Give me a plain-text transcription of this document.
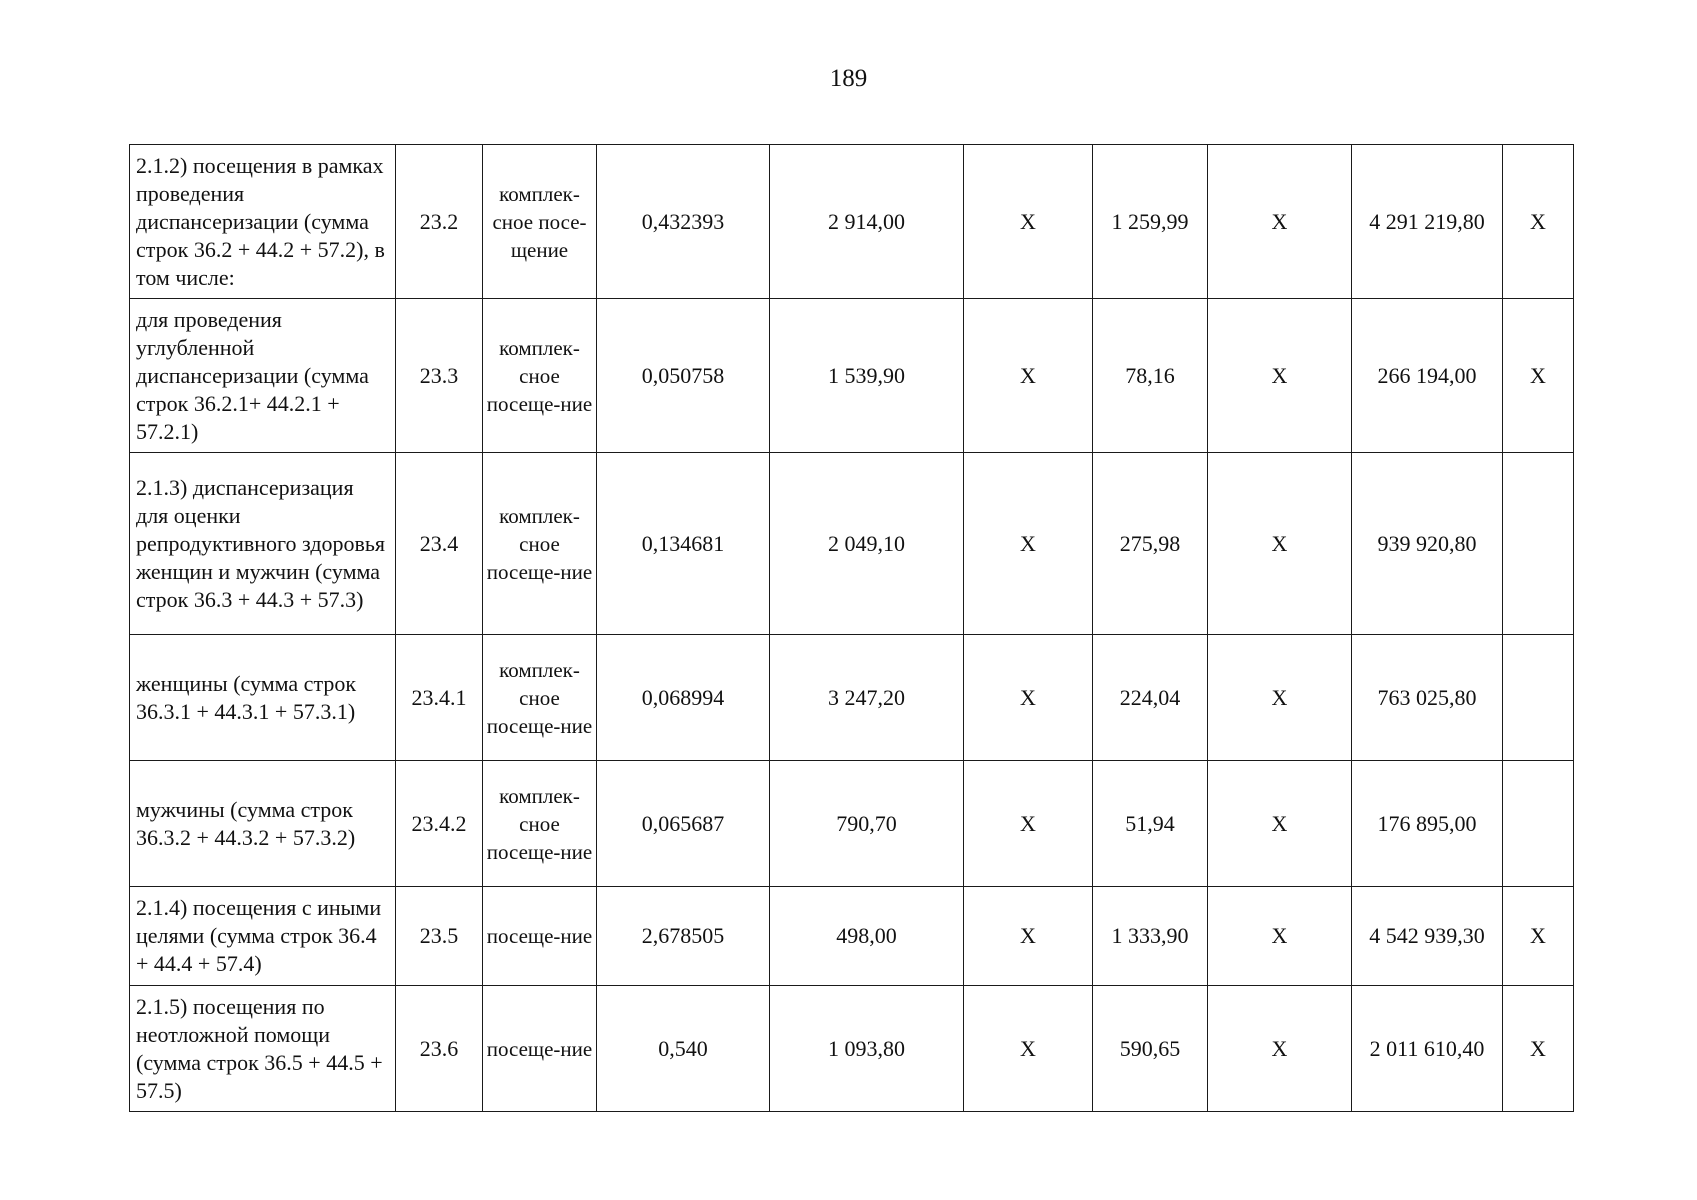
189
2.1.2) посещения в рамках проведения диспансеризации (сумма строк 36.2 + 44.2 + 57.2), в том числе:	23.2	комплек-сное посе-щение	0,432393	2 914,00	Х	1 259,99	Х	4 291 219,80	Х
для проведения углубленной диспансеризации (сумма строк 36.2.1+ 44.2.1 + 57.2.1)	23.3	комплек-сное посеще-ние	0,050758	1 539,90	Х	78,16	Х	266 194,00	Х
2.1.3) диспансеризация для оценки репродуктивного здоровья женщин и мужчин (сумма строк 36.3 + 44.3 + 57.3)	23.4	комплек-сное посеще-ние	0,134681	2 049,10	Х	275,98	Х	939 920,80	
женщины (сумма строк 36.3.1 + 44.3.1 + 57.3.1)	23.4.1	комплек-сное посеще-ние	0,068994	3 247,20	Х	224,04	Х	763 025,80	
мужчины (сумма строк 36.3.2 + 44.3.2 + 57.3.2)	23.4.2	комплек-сное посеще-ние	0,065687	790,70	Х	51,94	Х	176 895,00	
2.1.4) посещения с иными целями (сумма строк 36.4 + 44.4 + 57.4)	23.5	посеще-ние	2,678505	498,00	Х	1 333,90	Х	4 542 939,30	Х
2.1.5) посещения по неотложной помощи (сумма строк 36.5 + 44.5 + 57.5)	23.6	посеще-ние	0,540	1 093,80	Х	590,65	Х	2 011 610,40	Х
